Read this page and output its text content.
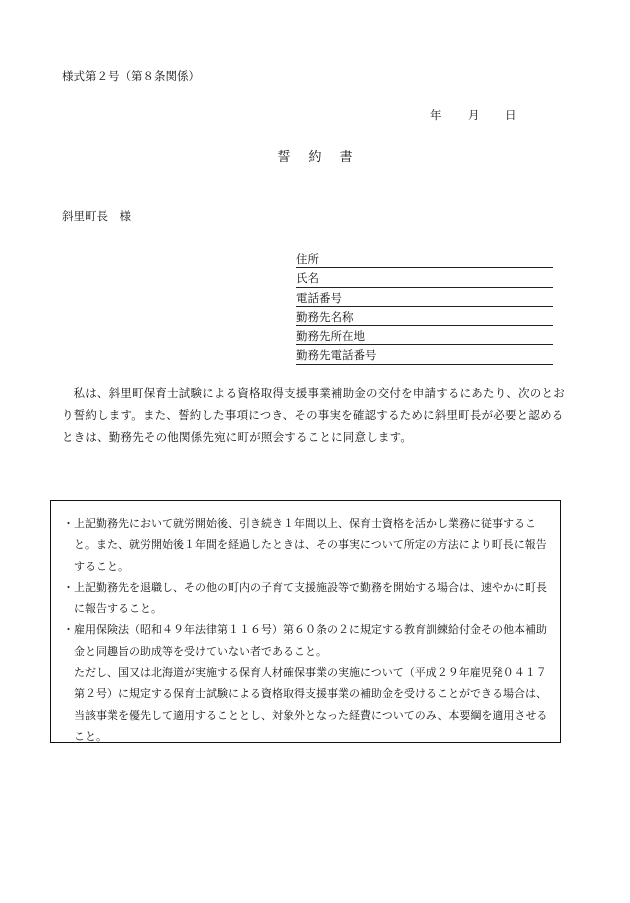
様式第２号（第８条関係）
年 月 日
誓約書
斜里町長　様
住所
氏名
電話番号
勤務先名称
勤務先所在地
勤務先電話番号

私は、斜里町保育士試験による資格取得支援事業補助金の交付を申請するにあたり、次のとおり誓約します。また、誓約した事項につき、その事実を確認するために斜里町長が必要と認めるときは、勤務先その他関係先宛に町が照会することに同意します。

・上記勤務先において就労開始後、引き続き１年間以上、保育士資格を活かし業務に従事すること。また、就労開始後１年間を経過したときは、その事実について所定の方法により町長に報告すること。
・上記勤務先を退職し、その他の町内の子育て支援施設等で勤務を開始する場合は、速やかに町長に報告すること。
・雇用保険法（昭和４９年法律第１１６号）第６０条の２に規定する教育訓練給付金その他本補助金と同趣旨の助成等を受けていない者であること。
ただし、国又は北海道が実施する保育人材確保事業の実施について（平成２９年雇児発０４１７第２号）に規定する保育士試験による資格取得支援事業の補助金を受けることができる場合は、当該事業を優先して適用することとし、対象外となった経費についてのみ、本要綱を適用させること。
